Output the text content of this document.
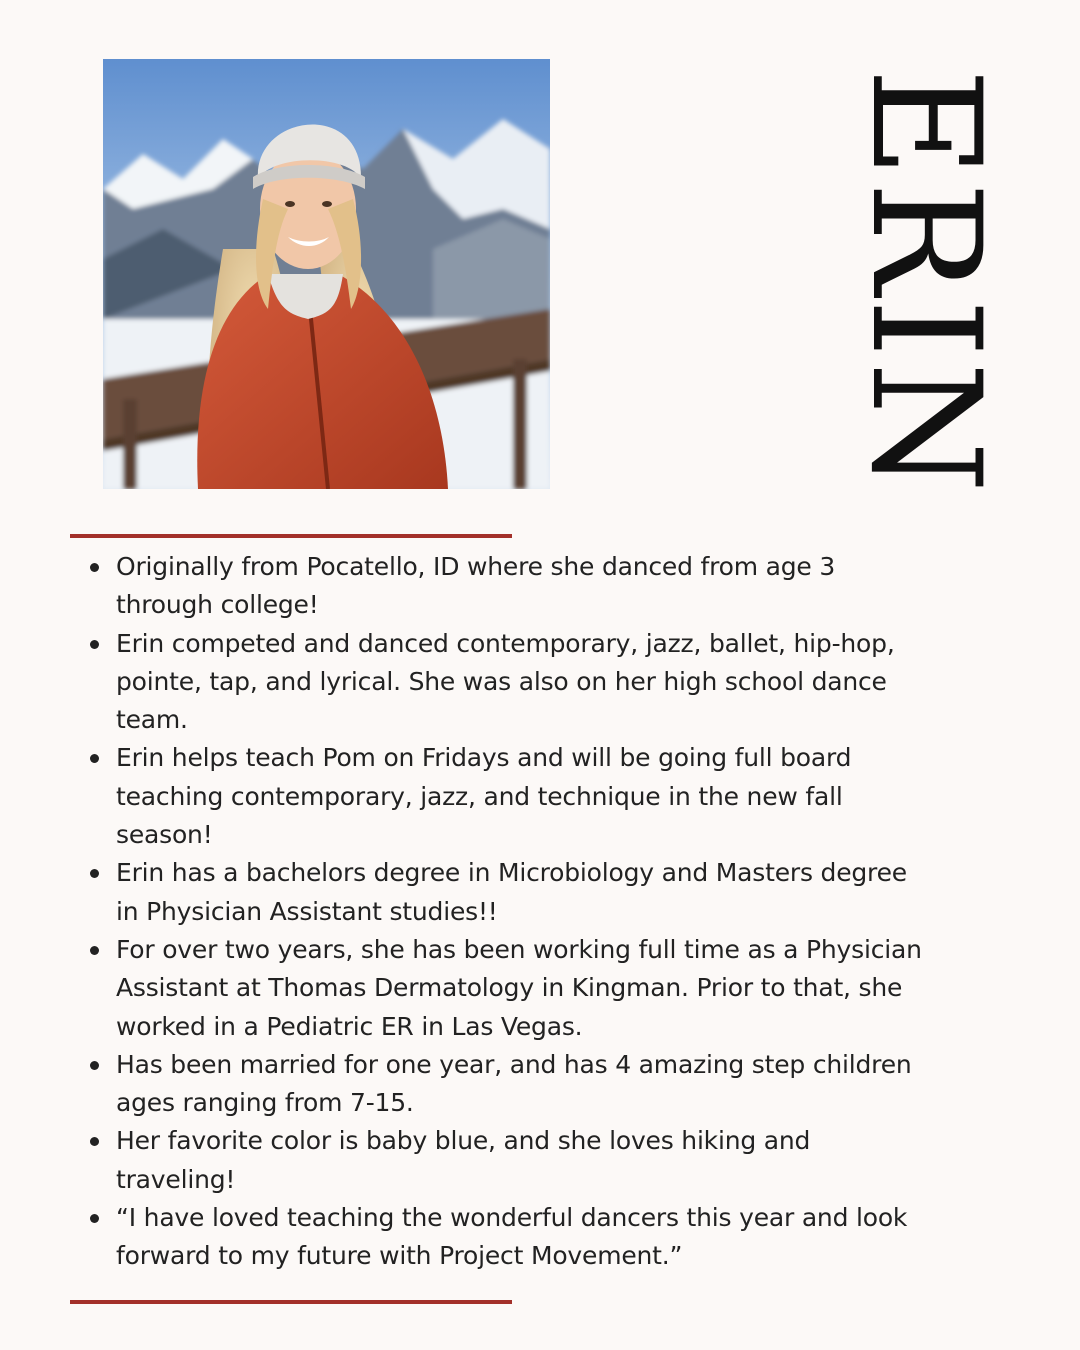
ERIN
Originally from Pocatello, ID where she danced from age 3 through college!
Erin competed and danced contemporary, jazz, ballet, hip-hop, pointe, tap, and lyrical. She was also on her high school dance team.
Erin helps teach Pom on Fridays and will be going full board teaching contemporary, jazz, and technique in the new fall season!
Erin has a bachelors degree in Microbiology and Masters degree in Physician Assistant studies!!
For over two years, she has been working full time as a Physician Assistant at Thomas Dermatology in Kingman. Prior to that, she worked in a Pediatric ER in Las Vegas.
Has been married for one year, and has 4 amazing step children ages ranging from 7-15.
Her favorite color is baby blue, and she loves hiking and traveling!
“I have loved teaching the wonderful dancers this year and look forward to my future with Project Movement.”
